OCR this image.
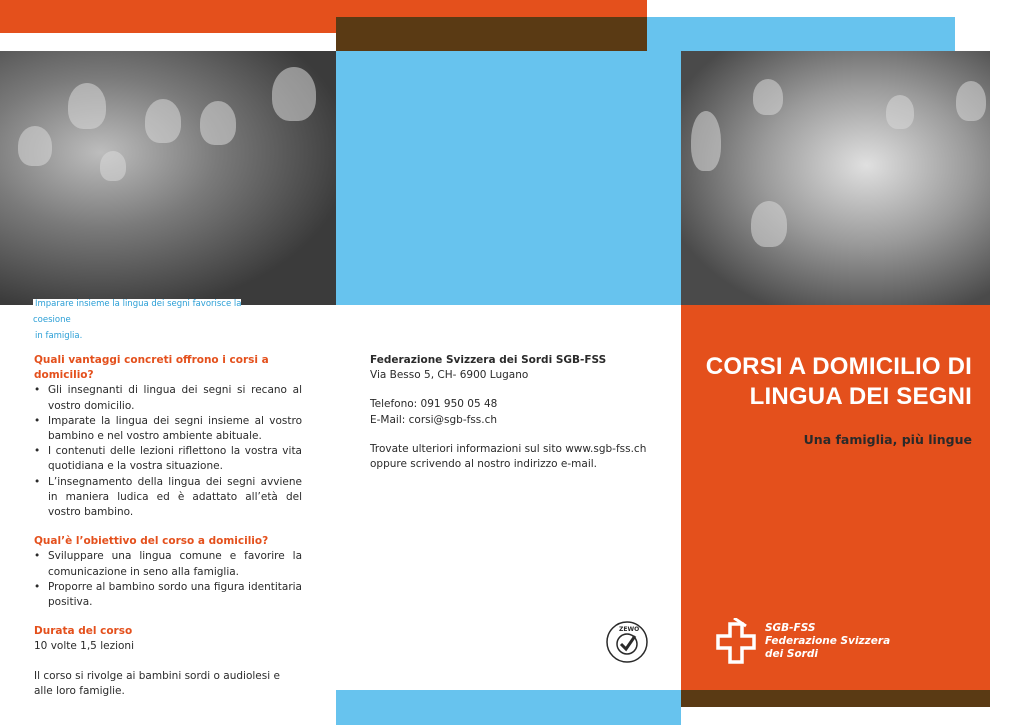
Imparare insieme la lingua dei segni favorisce la coesione
in famiglia.
Quali vantaggi concreti offrono i corsi a domicilio?
• Gli insegnanti di lingua dei segni si recano al vostro domicilio.
• Imparate la lingua dei segni insieme al vostro bambino e nel vostro ambiente abituale.
• I contenuti delle lezioni riflettono la vostra vita quotidiana e la vostra situazione.
• L’insegnamento della lingua dei segni avviene in maniera ludica ed è adattato all’età del vostro bambino.
Qual’è l’obiettivo del corso a domicilio?
• Sviluppare una lingua comune e favorire la comunicazione in seno alla famiglia.
• Proporre al bambino sordo una figura identitaria positiva.
Durata del corso

10 volte 1,5 lezioni

Il corso si rivolge ai bambini sordi o audiolesi e alle loro famiglie.

Federazione Svizzera dei Sordi SGB-FSS

Via Besso 5, CH- 6900 Lugano

Telefono: 091 950 05 48

E-Mail: corsi@sgb-fss.ch

Trovate ulteriori informazioni sul sito www.sgb-fss.ch

oppure scrivendo al nostro indirizzo e-mail.

ZEWO
CORSI A DOMICILIO DI
LINGUA DEI SEGNI
Una famiglia, più lingue
SGB-FSS
Federazione Svizzera
dei Sordi
